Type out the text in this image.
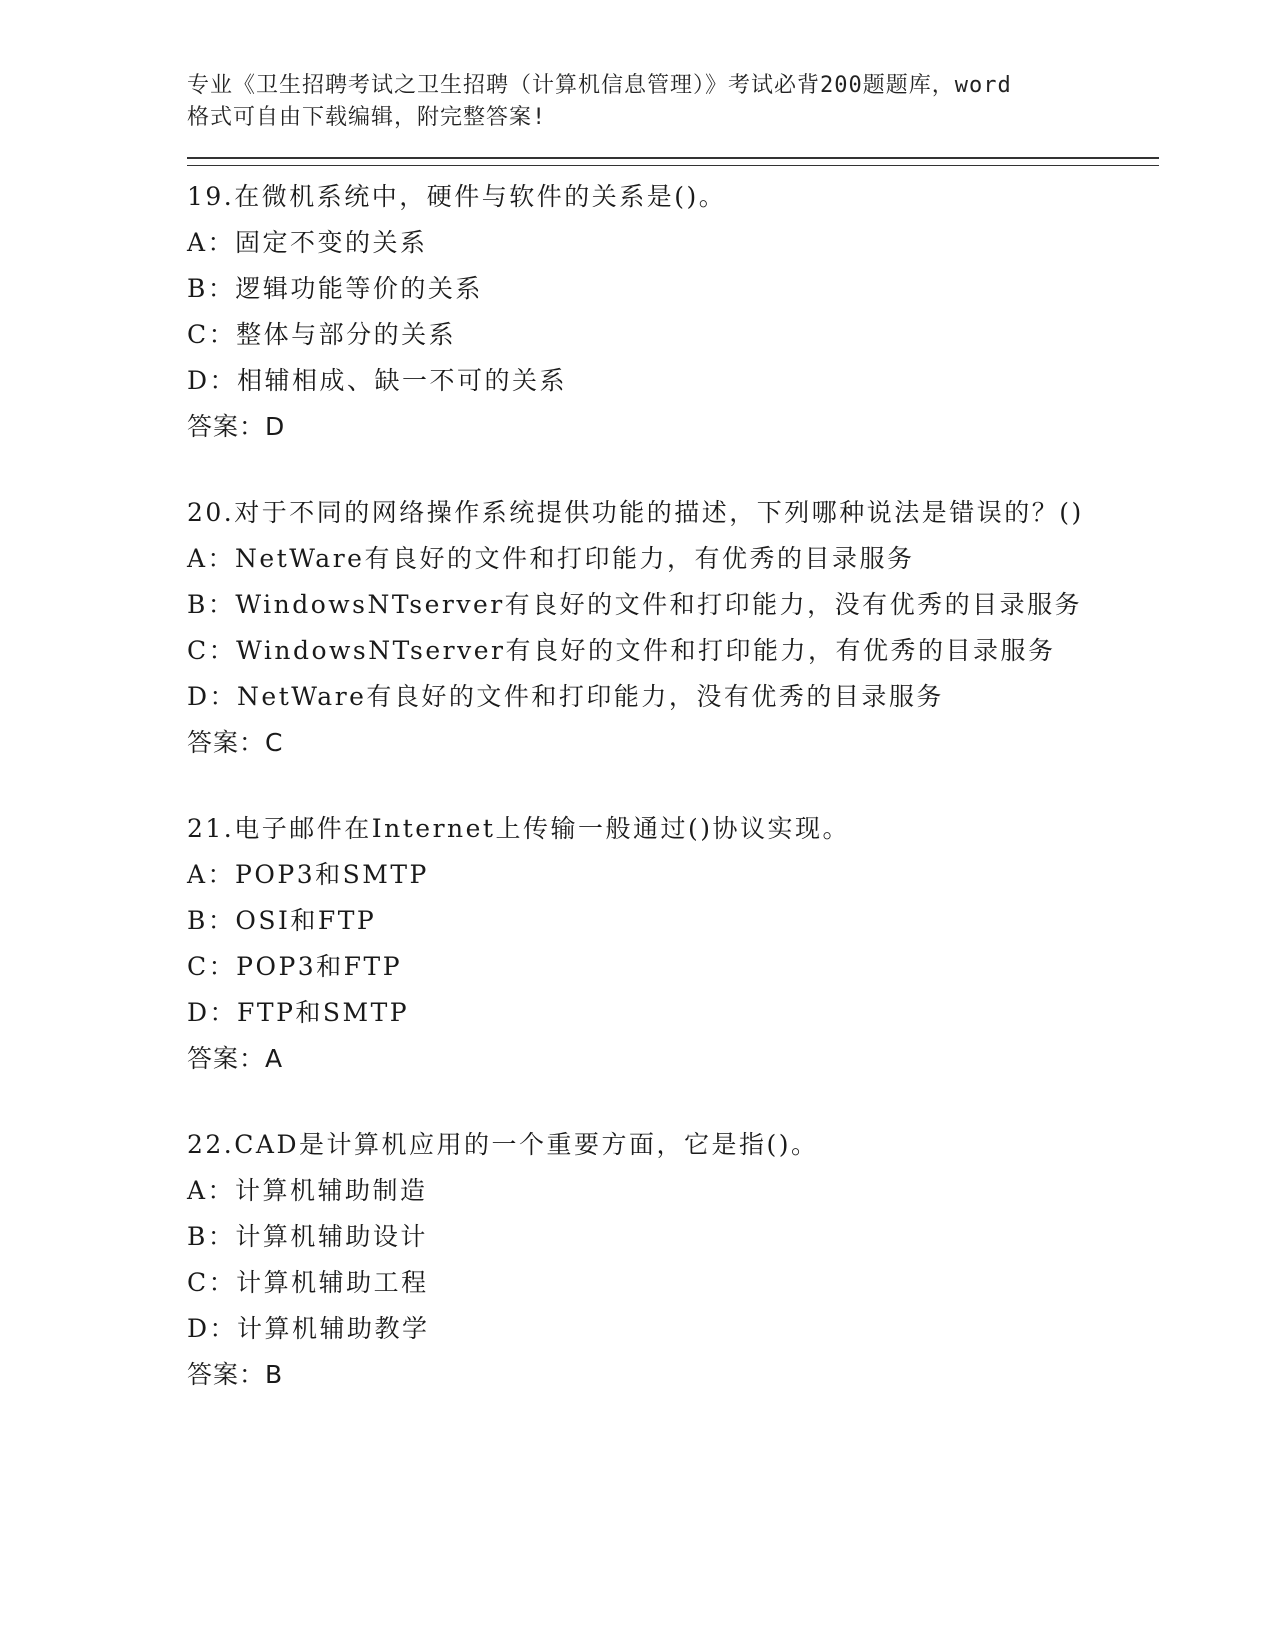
专业《卫生招聘考试之卫生招聘（计算机信息管理）》考试必背200题题库，word
格式可自由下载编辑，附完整答案!
19.在微机系统中，硬件与软件的关系是()。
A：固定不变的关系
B：逻辑功能等价的关系
C：整体与部分的关系
D：相辅相成、缺一不可的关系
答案：D
20.对于不同的网络操作系统提供功能的描述，下列哪种说法是错误的？()
A：NetWare有良好的文件和打印能力，有优秀的目录服务
B：WindowsNTserver有良好的文件和打印能力，没有优秀的目录服务
C：WindowsNTserver有良好的文件和打印能力，有优秀的目录服务
D：NetWare有良好的文件和打印能力，没有优秀的目录服务
答案：C
21.电子邮件在Internet上传输一般通过()协议实现。
A：POP3和SMTP
B：OSI和FTP
C：POP3和FTP
D：FTP和SMTP
答案：A
22.CAD是计算机应用的一个重要方面，它是指()。
A：计算机辅助制造
B：计算机辅助设计
C：计算机辅助工程
D：计算机辅助教学
答案：B
